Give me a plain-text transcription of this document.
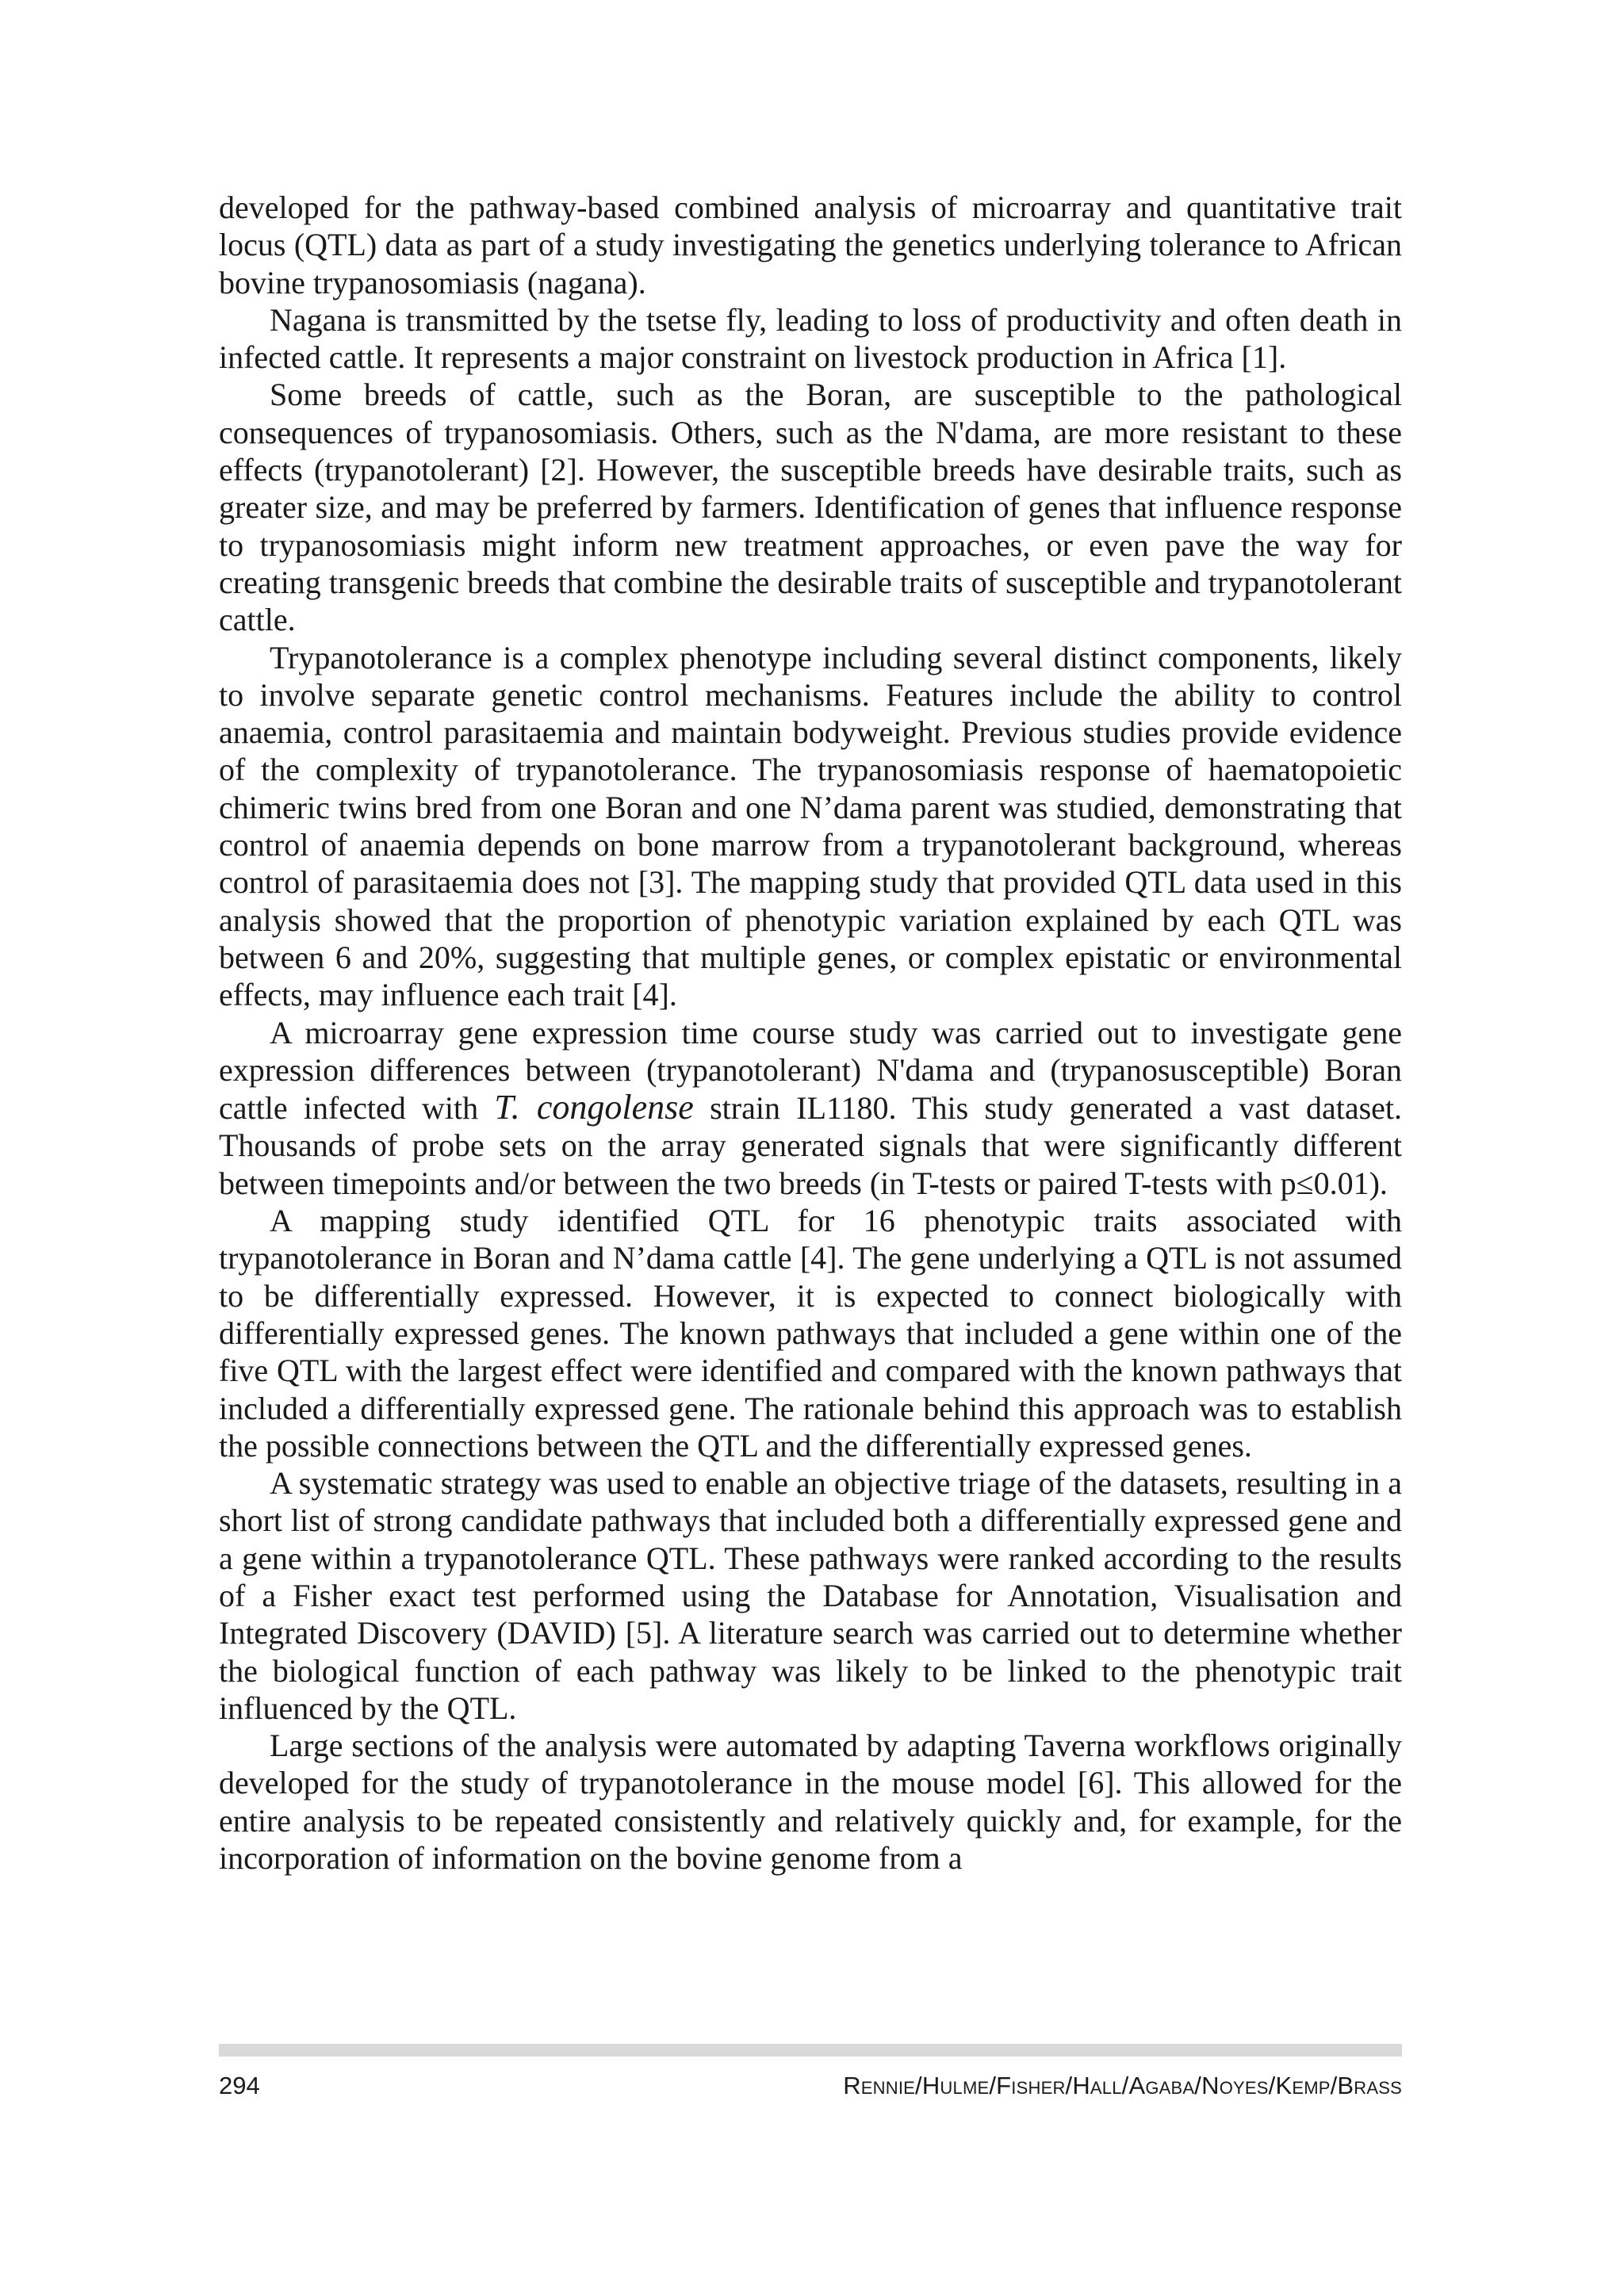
developed for the pathway-based combined analysis of microarray and quantitative trait locus (QTL) data as part of a study investigating the genetics underlying tolerance to African bovine trypanosomiasis (nagana).

Nagana is transmitted by the tsetse fly, leading to loss of productivity and often death in infected cattle. It represents a major constraint on livestock production in Africa [1].

Some breeds of cattle, such as the Boran, are susceptible to the pathological consequences of trypanosomiasis. Others, such as the N'dama, are more resistant to these effects (trypanotolerant) [2]. However, the susceptible breeds have desirable traits, such as greater size, and may be preferred by farmers. Identification of genes that influence response to trypanosomiasis might inform new treatment approaches, or even pave the way for creating transgenic breeds that combine the desirable traits of susceptible and trypanotolerant cattle.

Trypanotolerance is a complex phenotype including several distinct components, likely to involve separate genetic control mechanisms. Features include the ability to control anaemia, control parasitaemia and maintain bodyweight. Previous studies provide evidence of the complexity of trypanotolerance. The trypanosomiasis response of haematopoietic chimeric twins bred from one Boran and one N’dama parent was studied, demonstrating that control of anaemia depends on bone marrow from a trypanotolerant background, whereas control of parasitaemia does not [3]. The mapping study that provided QTL data used in this analysis showed that the proportion of phenotypic variation explained by each QTL was between 6 and 20%, suggesting that multiple genes, or complex epistatic or environmental effects, may influence each trait [4].

A microarray gene expression time course study was carried out to investigate gene expression differences between (trypanotolerant) N'dama and (trypanosusceptible) Boran cattle infected with T. congolense strain IL1180. This study generated a vast dataset. Thousands of probe sets on the array generated signals that were significantly different between timepoints and/or between the two breeds (in T-tests or paired T-tests with p≤0.01).

A mapping study identified QTL for 16 phenotypic traits associated with trypanotolerance in Boran and N’dama cattle [4]. The gene underlying a QTL is not assumed to be differentially expressed. However, it is expected to connect biologically with differentially expressed genes. The known pathways that included a gene within one of the five QTL with the largest effect were identified and compared with the known pathways that included a differentially expressed gene. The rationale behind this approach was to establish the possible connections between the QTL and the differentially expressed genes.

A systematic strategy was used to enable an objective triage of the datasets, resulting in a short list of strong candidate pathways that included both a differentially expressed gene and a gene within a trypanotolerance QTL. These pathways were ranked according to the results of a Fisher exact test performed using the Database for Annotation, Visualisation and Integrated Discovery (DAVID) [5]. A literature search was carried out to determine whether the biological function of each pathway was likely to be linked to the phenotypic trait influenced by the QTL.

Large sections of the analysis were automated by adapting Taverna workflows originally developed for the study of trypanotolerance in the mouse model [6]. This allowed for the entire analysis to be repeated consistently and relatively quickly and, for example, for the incorporation of information on the bovine genome from a

294	Rennie/Hulme/Fisher/Hall/Agaba/Noyes/Kemp/Brass
